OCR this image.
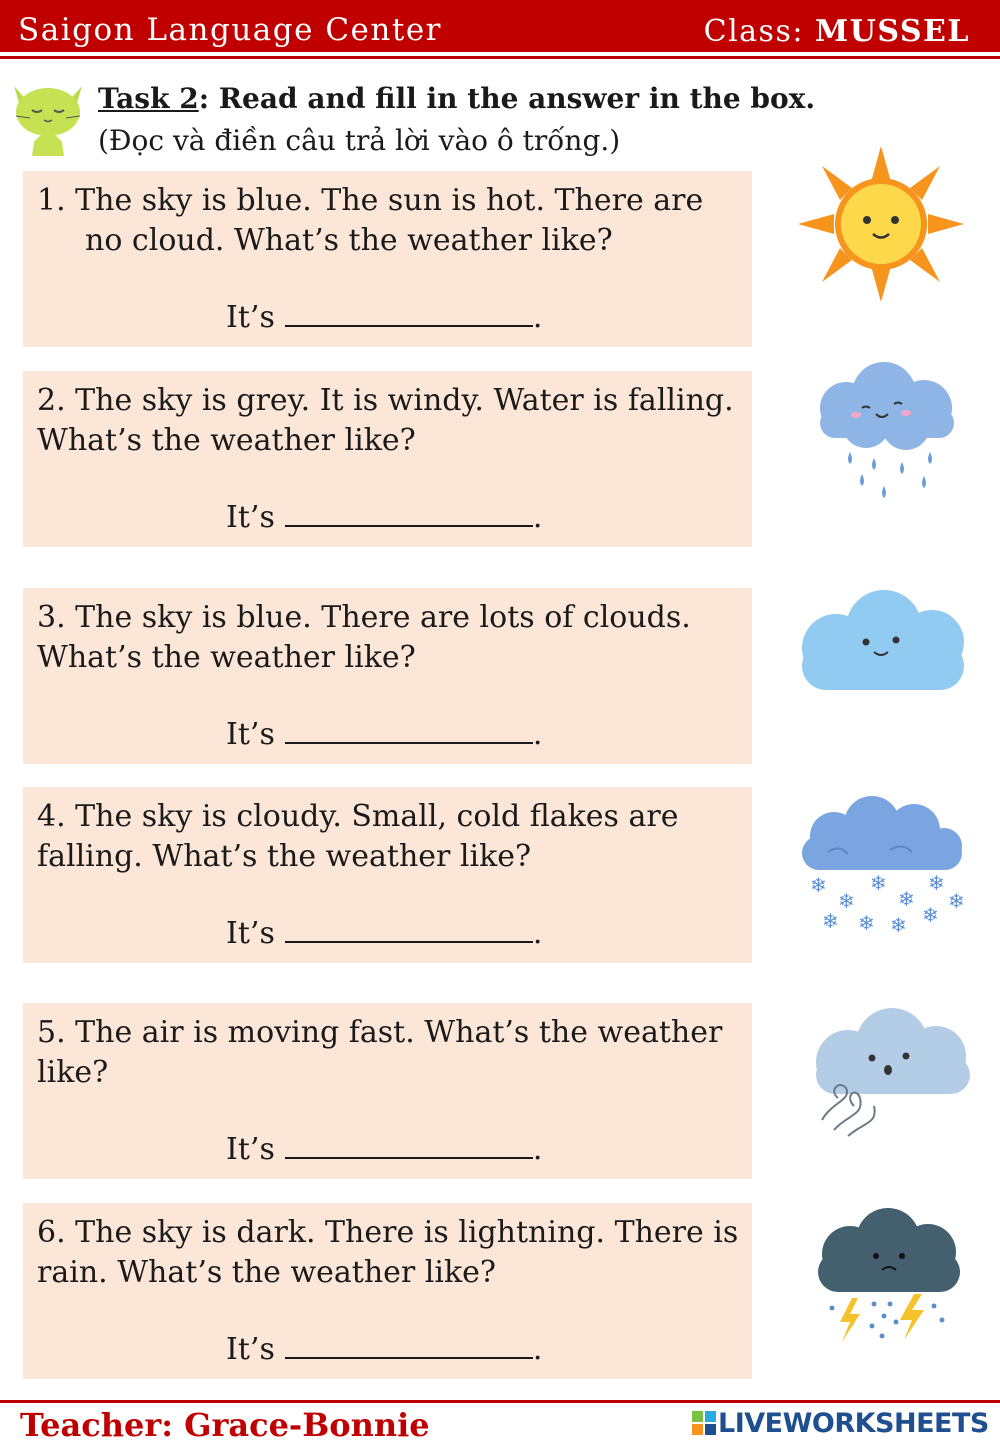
Saigon Language Center	Class: MUSSEL
Task 2: Read and fill in the answer in the box.
(Đọc và điền câu trả lời vào ô trống.)
1. The sky is blue. The sun is hot. There are no cloud. What’s the weather like?
It’s	.
2. The sky is grey. It is windy. Water is falling. What’s the weather like?
It’s	.
3. The sky is blue. There are lots of clouds. What’s the weather like?
It’s	.
4. The sky is cloudy. Small, cold flakes are falling. What’s the weather like?
It’s	.
5. The air is moving fast. What’s the weather like?
It’s	.
6. The sky is dark. There is lightning. There is rain. What’s the weather like?
It’s	.
❄
❄
❄
❄
❄
❄ ❄ ❄ ❄
❄
Teacher: Grace-Bonnie	LIVEWORKSHEETS
